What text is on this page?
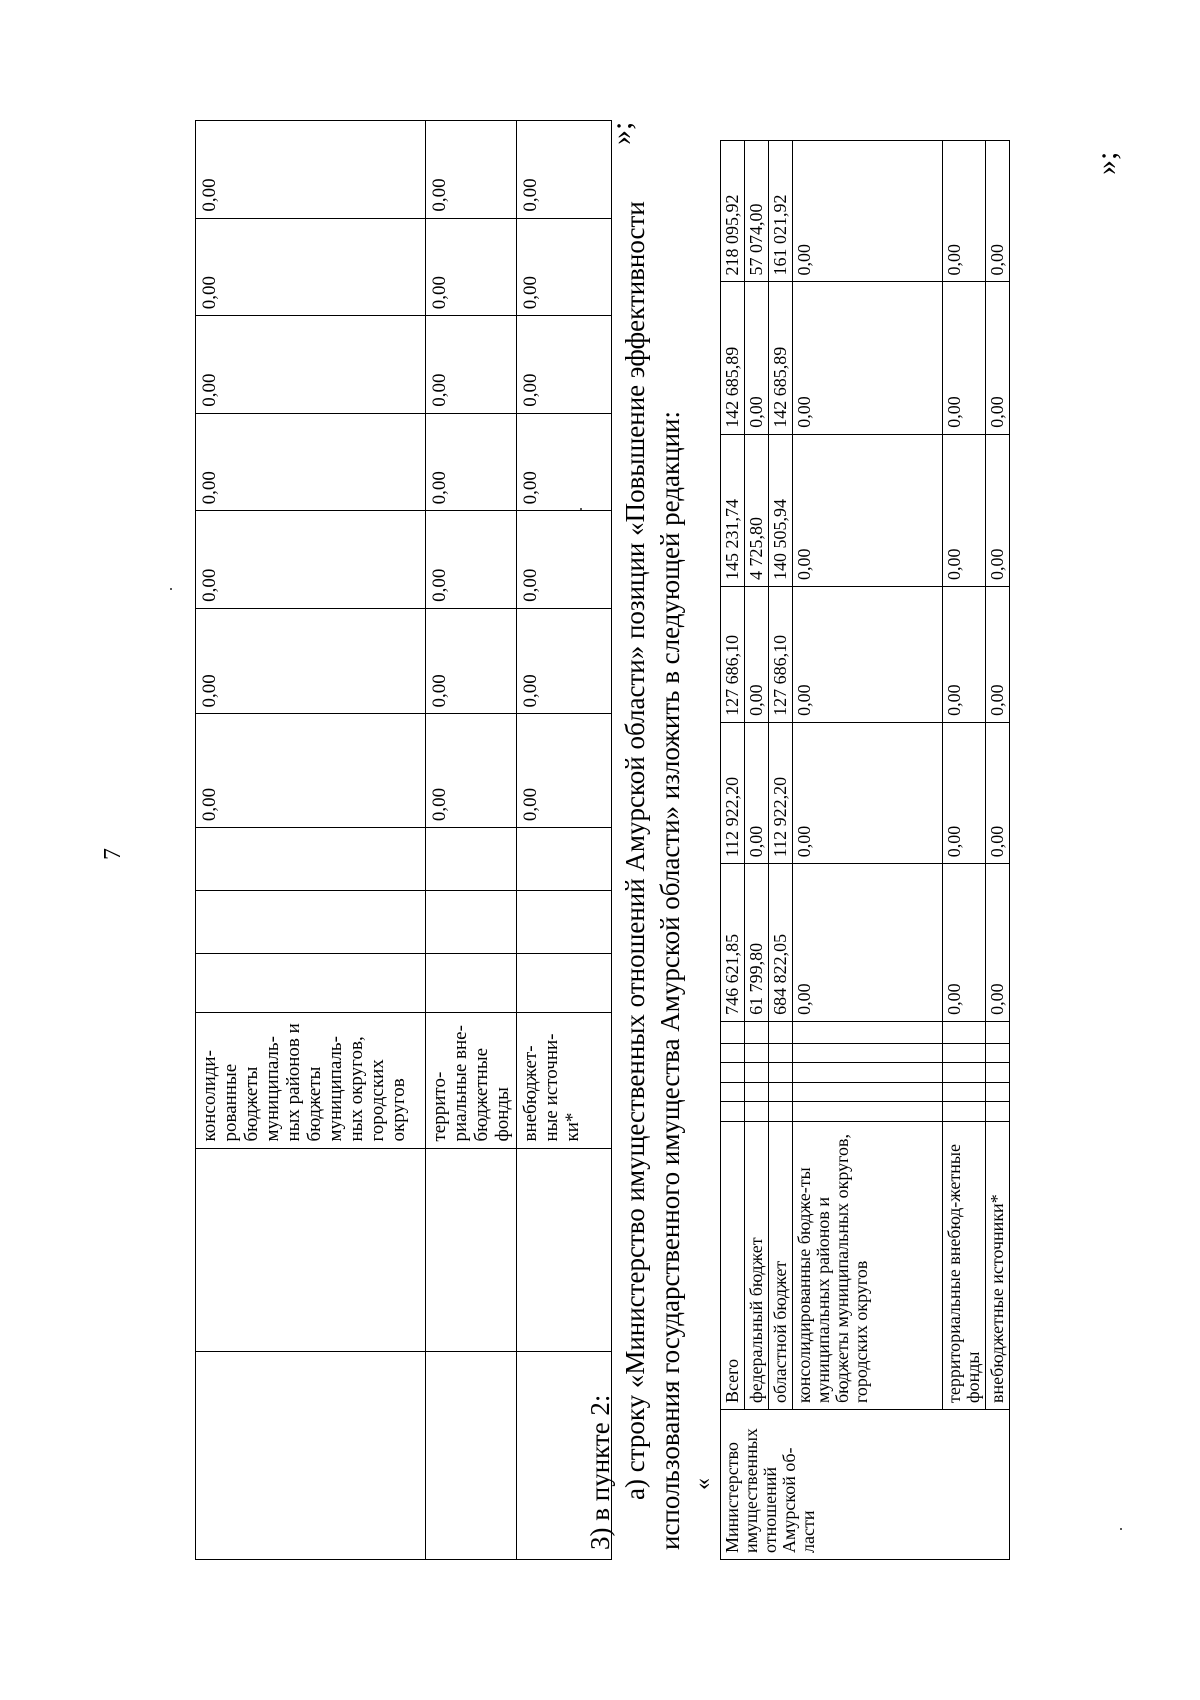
7
		консолиди-рованные бюджеты муниципаль-ных районов и бюджеты муниципаль-ных округов, городских округов				0,00	0,00	0,00	0,00	0,00	0,00	0,00
		террито-риальные вне-бюджетные фонды				0,00	0,00	0,00	0,00	0,00	0,00	0,00
		внебюджет-ные источни-ки*				0,00	0,00	0,00	0,00	0,00	0,00	0,00
»;
3) в пункте 2: а) строку «Министерство имущественных отношений Амурской области» позиции «Повышение эффективности использования государственного имущества Амурской области» изложить в следующей редакции: « Министерство имущественных отношений Амурской об-ласти	Всего						746 621,85	112 922,20	127 686,10	145 231,74	142 685,89	218 095,92
	федеральный бюджет						61 799,80	0,00	0,00	4 725,80	0,00	57 074,00
	областной бюджет						684 822,05	112 922,20	127 686,10	140 505,94	142 685,89	161 021,92
	консолидированные бюдже-ты муниципальных районов и бюджеты муниципальных округов, городских округов						0,00	0,00	0,00	0,00	0,00	0,00
	территориальные внебюд-жетные фонды						0,00	0,00	0,00	0,00	0,00	0,00
	внебюджетные источники*						0,00	0,00	0,00	0,00	0,00	0,00
»;
